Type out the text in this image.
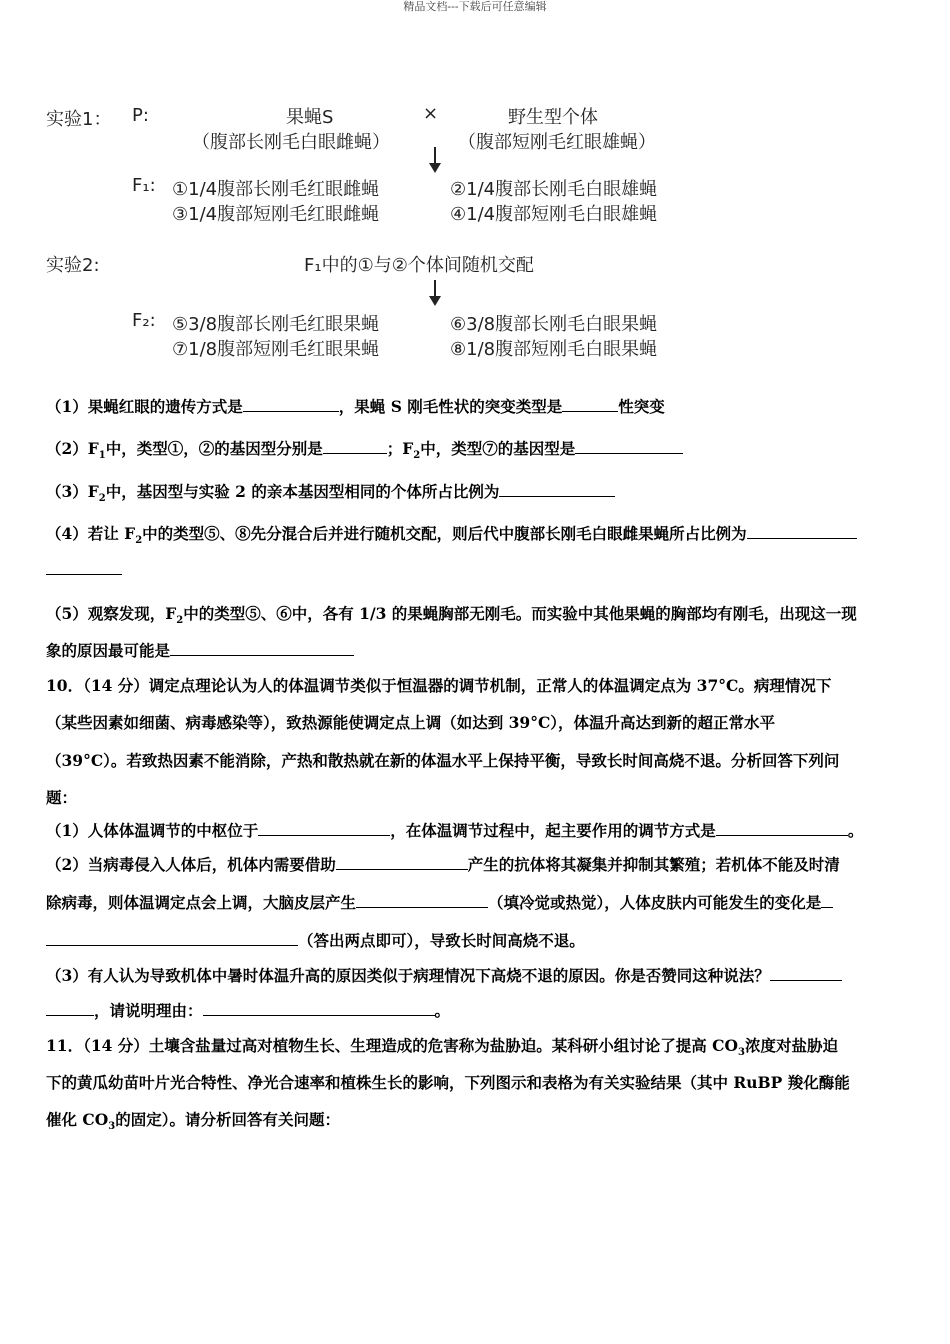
精品文档---下载后可任意编辑
实验1： P:	果蝇S	×	野生型个体
（腹部长刚毛白眼雌蝇）	（腹部短刚毛红眼雄蝇）
F₁: ①1/4腹部长刚毛红眼雌蝇	②1/4腹部长刚毛白眼雄蝇
③1/4腹部短刚毛红眼雌蝇	④1/4腹部短刚毛白眼雄蝇
实验2:	F₁中的①与②个体间随机交配
F₂: ⑤3/8腹部长刚毛红眼果蝇	⑥3/8腹部长刚毛白眼果蝇
⑦1/8腹部短刚毛红眼果蝇	⑧1/8腹部短刚毛白眼果蝇
（1）果蝇红眼的遗传方式是	，果蝇 S 刚毛性状的突变类型是	性突变
$(2)F_1$中，类型①，②的基因型分别是	；$F_2$中，类型⑦的基因型是
$(3)F_2$中，基因型与实验 2 的亲本基因型相同的个体所占比例为
（4）若让 $F_2$中的类型⑤、⑧先分混合后并进行随机交配，则后代中腹部长刚毛白眼雌果蝇所占比例为
（5）观察发现，$F_2$中的类型⑤、⑥中，各有 1/3 的果蝇胸部无刚毛。而实验中其他果蝇的胸部均有刚毛，出现这一现
象的原因最可能是
10．（14 分）调定点理论认为人的体温调节类似于恒温器的调节机制，正常人的体温调定点为 37°C。病理情况下
（某些因素如细菌、病毒感染等），致热源能使调定点上调（如达到 39°C），体温升高达到新的超正常水平
（39°C）。若致热因素不能消除，产热和散热就在新的体温水平上保持平衡，导致长时间高烧不退。分析回答下列问
题：
（1）人体体温调节的中枢位于	，在体温调节过程中，起主要作用的调节方式是	。
（2）当病毒侵入人体后，机体内需要借助	产生的抗体将其凝集并抑制其繁殖；若机体不能及时清
除病毒，则体温调定点会上调，大脑皮层产生	（填冷觉或热觉），人体皮肤内可能发生的变化是
（答出两点即可），导致长时间高烧不退。
（3）有人认为导致机体中暑时体温升高的原因类似于病理情况下高烧不退的原因。你是否赞同这种说法？
，请说明理由：	。
11．（14 分）土壤含盐量过高对植物生长、生理造成的危害称为盐胁迫。某科研小组讨论了提高 $CO_3$浓度对盐胁迫
下的黄瓜幼苗叶片光合特性、净光合速率和植株生长的影响，下列图示和表格为有关实验结果（其中 RuBP 羧化酶能
催化 $CO_3$的固定）。请分析回答有关问题：
